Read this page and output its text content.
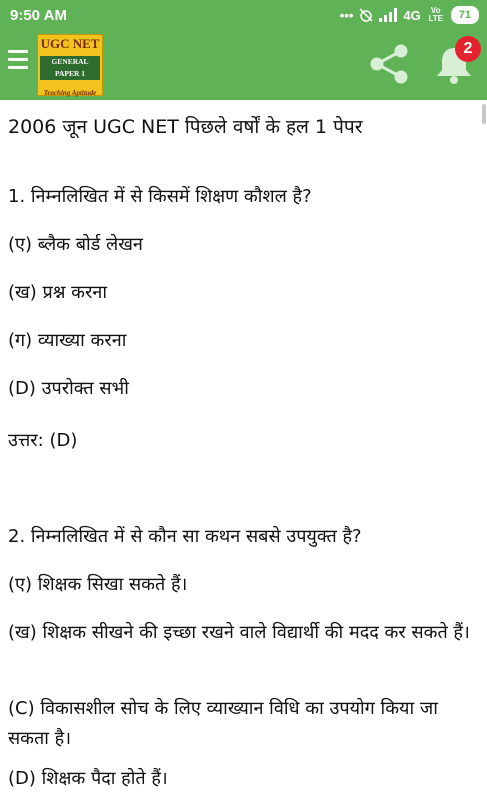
9:50 AM	•••	4G	Vo LTE	71
UGC NET
GENERAL PAPER 1
Teaching Aptitude
2

2006 जून UGC NET पिछले वर्षों के हल 1 पेपर

1. निम्नलिखित में से किसमें शिक्षण कौशल है?

(ए) ब्लैक बोर्ड लेखन

(ख) प्रश्न करना

(ग) व्याख्या करना

(D) उपरोक्त सभी

उत्तर: (D)

2. निम्नलिखित में से कौन सा कथन सबसे उपयुक्त है?

(ए) शिक्षक सिखा सकते हैं।

(ख) शिक्षक सीखने की इच्छा रखने वाले विद्यार्थी की मदद कर सकते हैं।

(C) विकासशील सोच के लिए व्याख्यान विधि का उपयोग किया जा सकता है।

(D) शिक्षक पैदा होते हैं।
